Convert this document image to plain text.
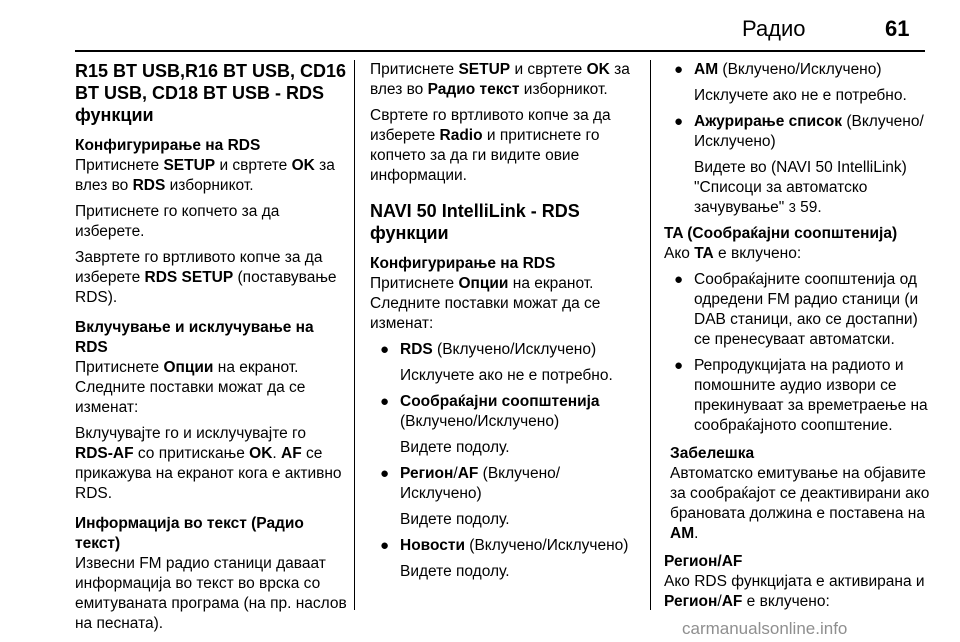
Радио	61
R15 BT USB,R16 BT USB, CD16 BT USB, CD18 BT USB - RDS функции
Конфигурирање на RDS

Притиснете SETUP и свртете OK за влез во RDS изборникот.

Притиснете го копчето за да изберете.

Завртете го вртливото копче за да изберете RDS SETUP (поставување RDS).

Вклучување и исклучување на RDS

Притиснете Опции на екранот. Следните поставки можат да се изменат:

Вклучувајте го и исклучувајте го RDS-AF со притискање OK. AF се прикажува на екранот кога е активно RDS.

Информација во текст (Радио текст)

Извесни FM радио станици даваат информација во текст во врска со емитуваната програма (на пр. наслов на песната).

Притиснете SETUP и свртете OK за влез во Радио текст изборникот.

Свртете го вртливото копче за да изберете Radio и притиснете го копчето за да ги видите овие информации.

NAVI 50 IntelliLink - RDS функции
Конфигурирање на RDS

Притиснете Опции на екранот. Следните поставки можат да се изменат:

● RDS (Вклучено/Исклучено)
Исклучете ако не е потребно.
● Сообраќајни соопштенија (Вклучено/Исклучено)
Видете подолу.
● Регион/AF (Вклучено/ Исклучено)
Видете подолу.
● Новости (Вклучено/Исклучено)
Видете подолу.
● AM (Вклучено/Исклучено)
Исклучете ако не е потребно.
● Ажурирање список (Вклучено/ Исклучено)
Видете во (NAVI 50 IntelliLink) "Списоци за автоматско зачувување" 3 59.
TA (Сообраќајни соопштенија)

Ако TA е вклучено:

● Сообраќајните соопштенија од одредени FM радио станици (и DAB станици, ако се достапни) се пренесуваат автоматски.
● Репродукцијата на радиото и помошните аудио извори се прекинуваат за времетраење на сообраќајното соопштение.
Забелешка

Автоматско емитување на објавите за сообраќајот се деактивирани ако брановата должина е поставена на AM.

Регион/AF

Ако RDS функцијата е активирана и Регион/AF е вклучено:

carmanualsonline.info
